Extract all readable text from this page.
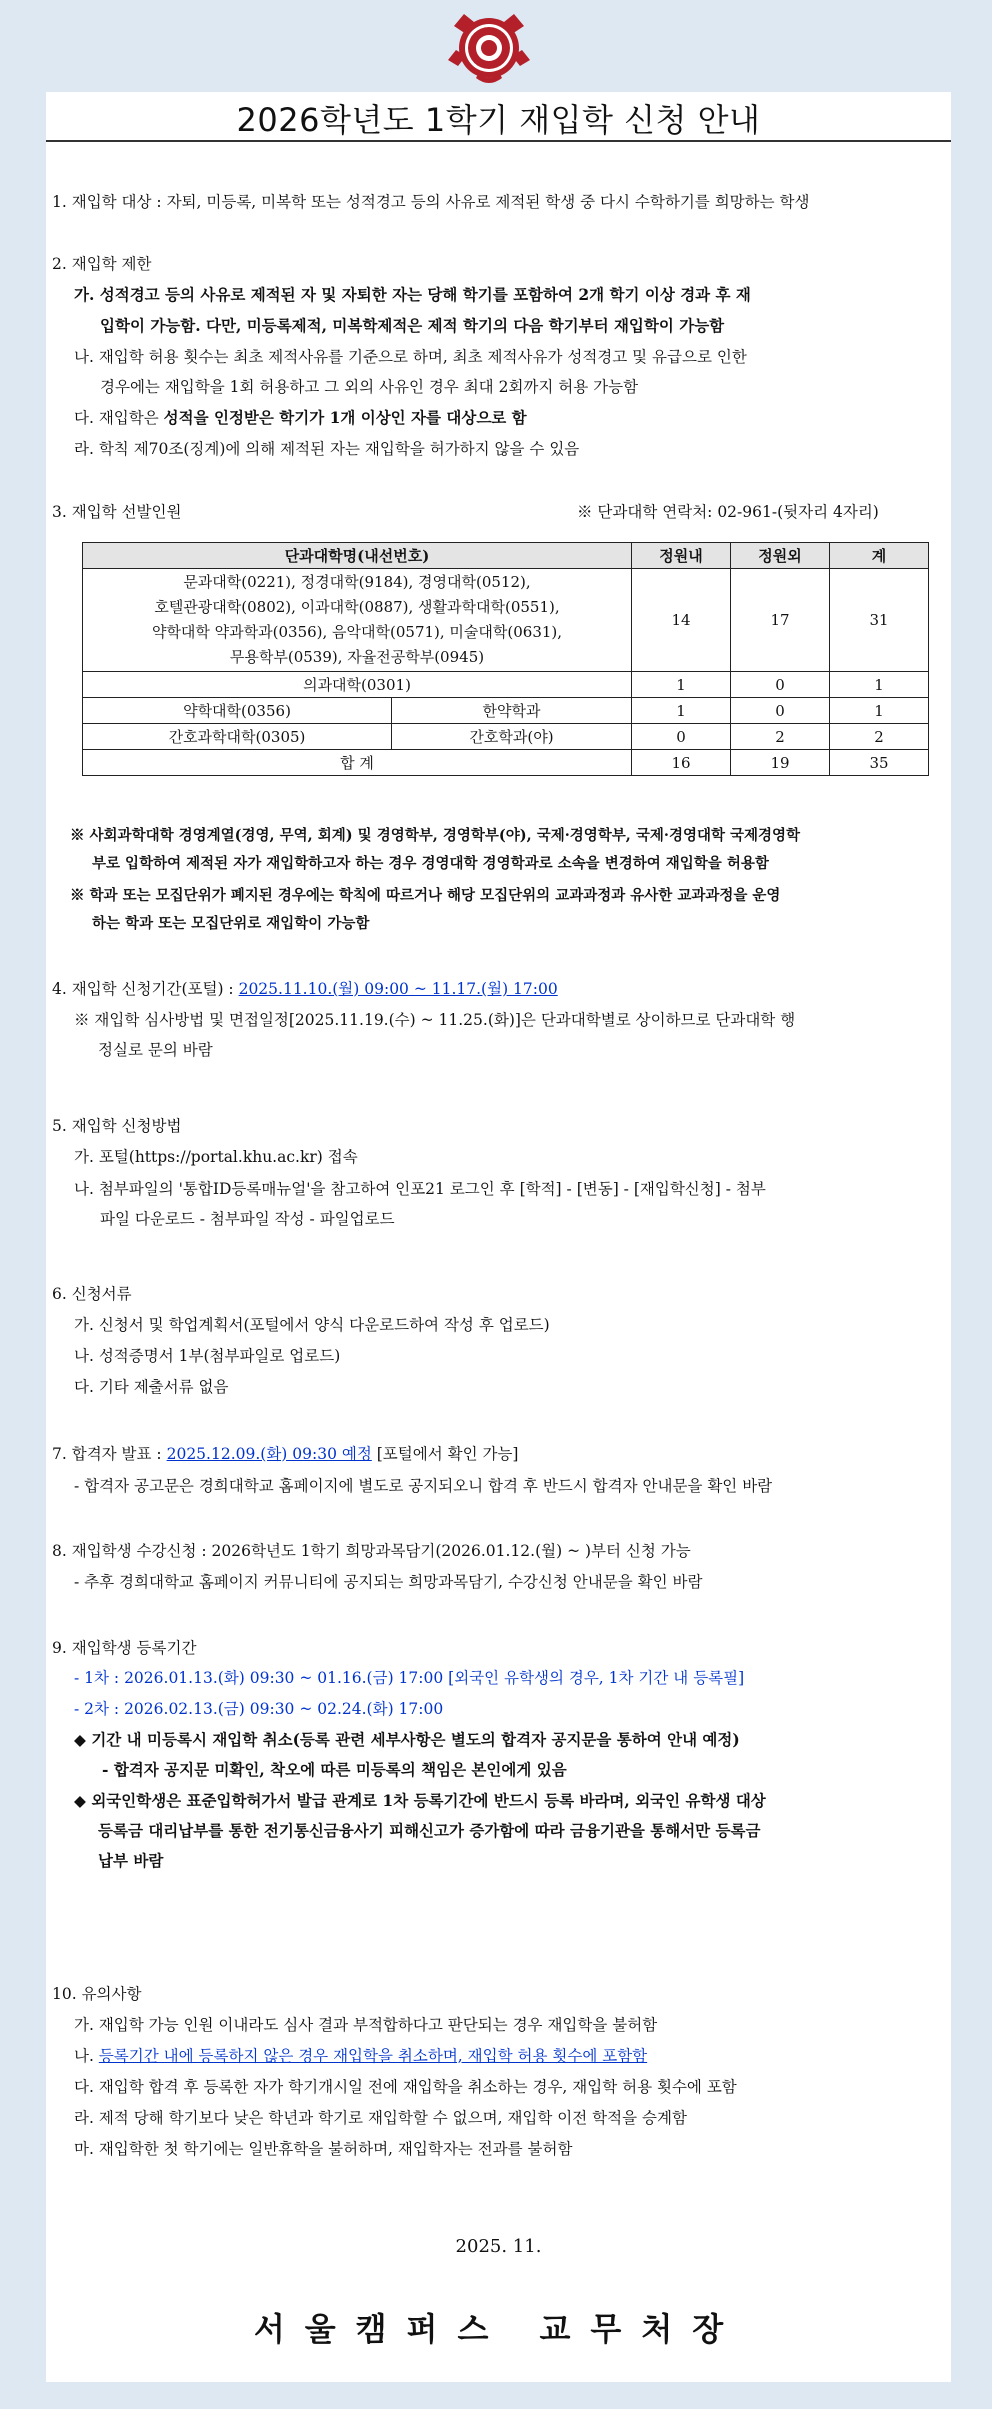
2026학년도 1학기 재입학 신청 안내
1. 재입학 대상 : 자퇴, 미등록, 미복학 또는 성적경고 등의 사유로 제적된 학생 중 다시 수학하기를 희망하는 학생
2. 재입학 제한
가. 성적경고 등의 사유로 제적된 자 및 자퇴한 자는 당해 학기를 포함하여 2개 학기 이상 경과 후 재
입학이 가능함. 다만, 미등록제적, 미복학제적은 제적 학기의 다음 학기부터 재입학이 가능함
나. 재입학 허용 횟수는 최초 제적사유를 기준으로 하며, 최초 제적사유가 성적경고 및 유급으로 인한
경우에는 재입학을 1회 허용하고 그 외의 사유인 경우 최대 2회까지 허용 가능함
다. 재입학은 성적을 인정받은 학기가 1개 이상인 자를 대상으로 함
라. 학칙 제70조(징계)에 의해 제적된 자는 재입학을 허가하지 않을 수 있음
3. 재입학 선발인원	※ 단과대학 연락처: 02-961-(뒷자리 4자리)
단과대학명(내선번호)		정원내	정원외	계

문과대학(0221), 정경대학(9184), 경영대학(0512),
호텔관광대학(0802), 이과대학(0887), 생활과학대학(0551),
약학대학 약과학과(0356), 음악대학(0571), 미술대학(0631),
무용학부(0539), 자율전공학부(0945)		14	17	31
의과대학(0301)		1	0	1
약학대학(0356)	한약학과	1	0	1
간호과학대학(0305)	간호학과(야)	0	2	2
합 계		16	19	35
※ 사회과학대학 경영계열(경영, 무역, 회계) 및 경영학부, 경영학부(야), 국제·경영학부, 국제·경영대학 국제경영학
부로 입학하여 제적된 자가 재입학하고자 하는 경우 경영대학 경영학과로 소속을 변경하여 재입학을 허용함
※ 학과 또는 모집단위가 폐지된 경우에는 학칙에 따르거나 해당 모집단위의 교과과정과 유사한 교과과정을 운영
하는 학과 또는 모집단위로 재입학이 가능함
4. 재입학 신청기간(포털) : 2025.11.10.(월) 09:00 ~ 11.17.(월) 17:00
※ 재입학 심사방법 및 면접일정[2025.11.19.(수) ~ 11.25.(화)]은 단과대학별로 상이하므로 단과대학 행
정실로 문의 바람
5. 재입학 신청방법
가. 포털(https://portal.khu.ac.kr) 접속
나. 첨부파일의 '통합ID등록매뉴얼'을 참고하여 인포21 로그인 후 [학적] - [변동] - [재입학신청] - 첨부
파일 다운로드 - 첨부파일 작성 - 파일업로드
6. 신청서류
가. 신청서 및 학업계획서(포털에서 양식 다운로드하여 작성 후 업로드)
나. 성적증명서 1부(첨부파일로 업로드)
다. 기타 제출서류 없음
7. 합격자 발표 : 2025.12.09.(화) 09:30 예정 [포털에서 확인 가능]
- 합격자 공고문은 경희대학교 홈페이지에 별도로 공지되오니 합격 후 반드시 합격자 안내문을 확인 바람
8. 재입학생 수강신청 : 2026학년도 1학기 희망과목담기(2026.01.12.(월) ~ )부터 신청 가능
- 추후 경희대학교 홈페이지 커뮤니티에 공지되는 희망과목담기, 수강신청 안내문을 확인 바람
9. 재입학생 등록기간
- 1차 : 2026.01.13.(화) 09:30 ~ 01.16.(금) 17:00 [외국인 유학생의 경우, 1차 기간 내 등록필]
- 2차 : 2026.02.13.(금) 09:30 ~ 02.24.(화) 17:00
◆ 기간 내 미등록시 재입학 취소(등록 관련 세부사항은 별도의 합격자 공지문을 통하여 안내 예정)
- 합격자 공지문 미확인, 착오에 따른 미등록의 책임은 본인에게 있음
◆ 외국인학생은 표준입학허가서 발급 관계로 1차 등록기간에 반드시 등록 바라며, 외국인 유학생 대상
등록금 대리납부를 통한 전기통신금융사기 피해신고가 증가함에 따라 금융기관을 통해서만 등록금
납부 바람
10. 유의사항
가. 재입학 가능 인원 이내라도 심사 결과 부적합하다고 판단되는 경우 재입학을 불허함
나. 등록기간 내에 등록하지 않은 경우 재입학을 취소하며, 재입학 허용 횟수에 포함함
다. 재입학 합격 후 등록한 자가 학기개시일 전에 재입학을 취소하는 경우, 재입학 허용 횟수에 포함
라. 제적 당해 학기보다 낮은 학년과 학기로 재입학할 수 없으며, 재입학 이전 학적을 승계함
마. 재입학한 첫 학기에는 일반휴학을 불허하며, 재입학자는 전과를 불허함
2025. 11.
서울캠퍼스 교무처장
